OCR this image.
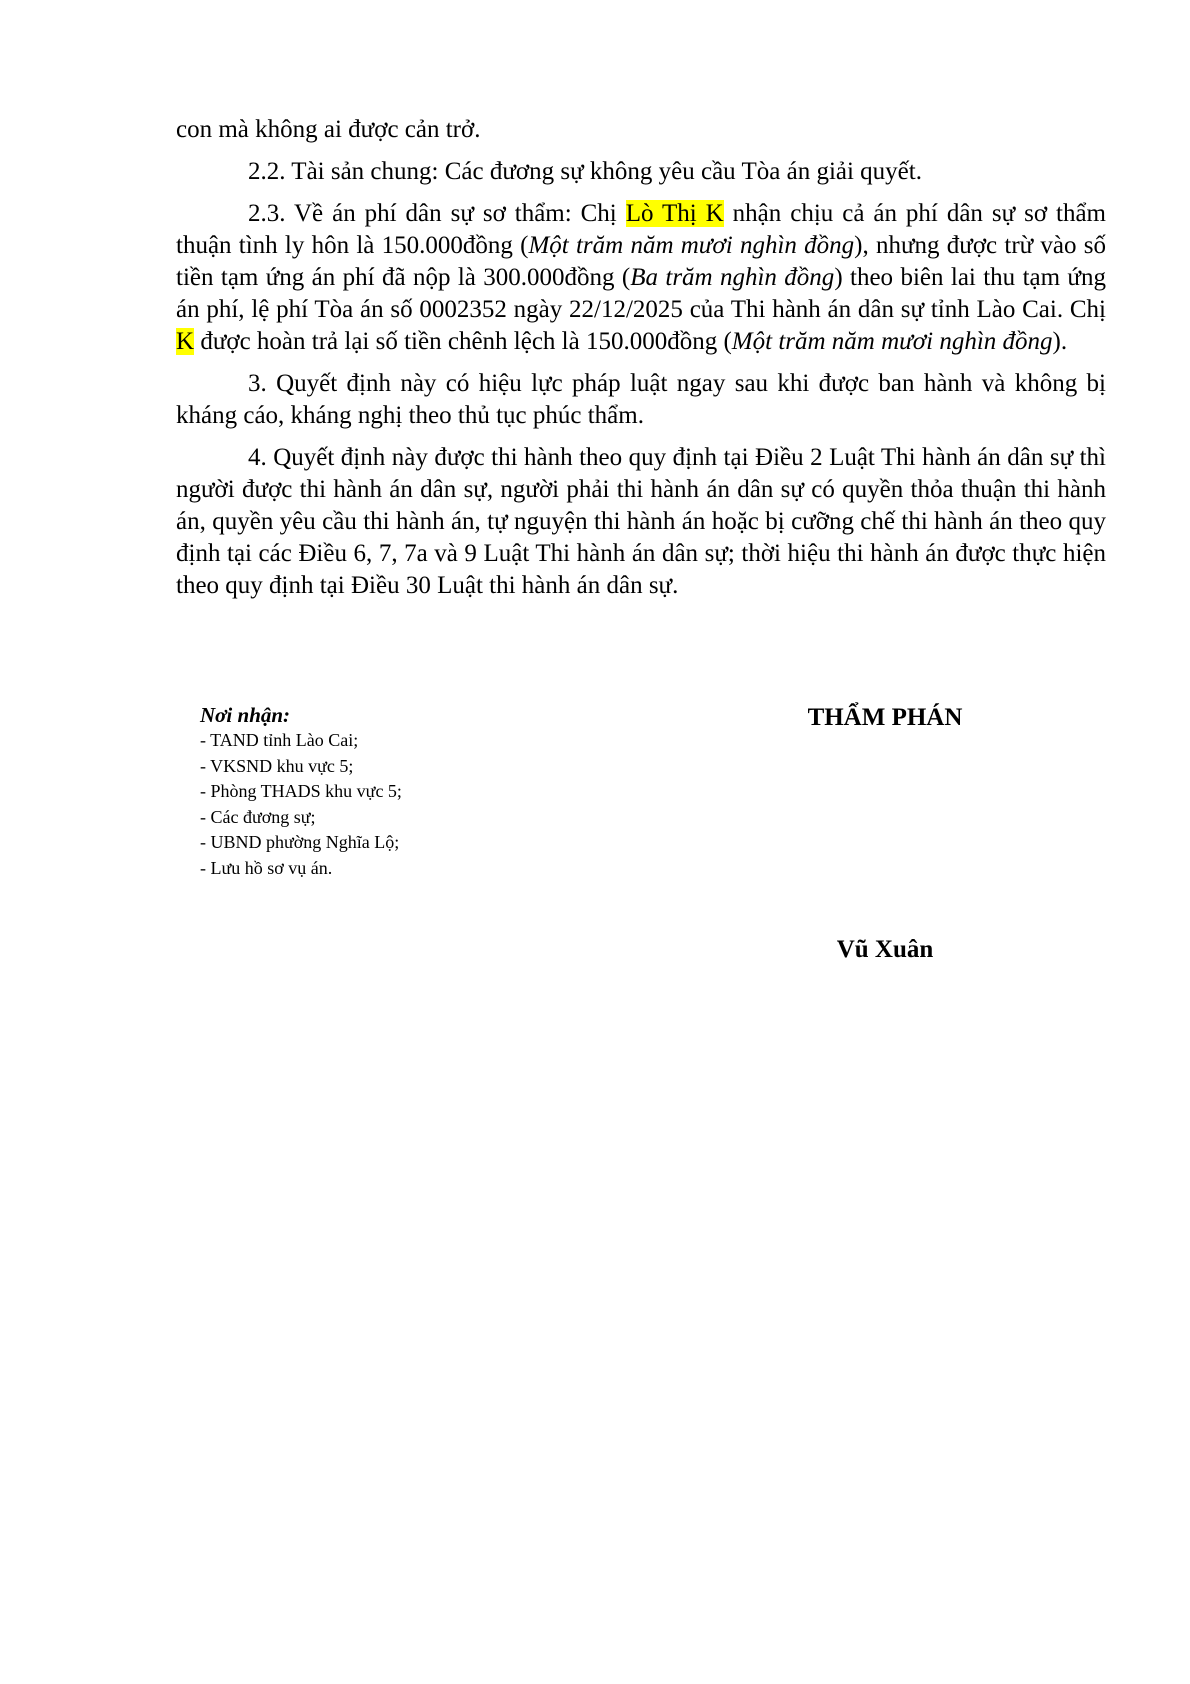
con mà không ai được cản trở.

2.2. Tài sản chung: Các đương sự không yêu cầu Tòa án giải quyết.

2.3. Về án phí dân sự sơ thẩm: Chị Lò Thị K nhận chịu cả án phí dân sự sơ thẩm thuận tình ly hôn là 150.000đồng (Một trăm năm mươi nghìn đồng), nhưng được trừ vào số tiền tạm ứng án phí đã nộp là 300.000đồng (Ba trăm nghìn đồng) theo biên lai thu tạm ứng án phí, lệ phí Tòa án số 0002352 ngày 22/12/2025 của Thi hành án dân sự tỉnh Lào Cai. Chị K được hoàn trả lại số tiền chênh lệch là 150.000đồng (Một trăm năm mươi nghìn đồng).

3. Quyết định này có hiệu lực pháp luật ngay sau khi được ban hành và không bị kháng cáo, kháng nghị theo thủ tục phúc thẩm.

4. Quyết định này được thi hành theo quy định tại Điều 2 Luật Thi hành án dân sự thì người được thi hành án dân sự, người phải thi hành án dân sự có quyền thỏa thuận thi hành án, quyền yêu cầu thi hành án, tự nguyện thi hành án hoặc bị cưỡng chế thi hành án theo quy định tại các Điều 6, 7, 7a và 9 Luật Thi hành án dân sự; thời hiệu thi hành án được thực hiện theo quy định tại Điều 30 Luật thi hành án dân sự.

Nơi nhận:
- TAND tỉnh Lào Cai;
- VKSND khu vực 5;
- Phòng THADS khu vực 5;
- Các đương sự;
- UBND phường Nghĩa Lộ;
- Lưu hồ sơ vụ án.
THẨM PHÁN
Vũ Xuân
